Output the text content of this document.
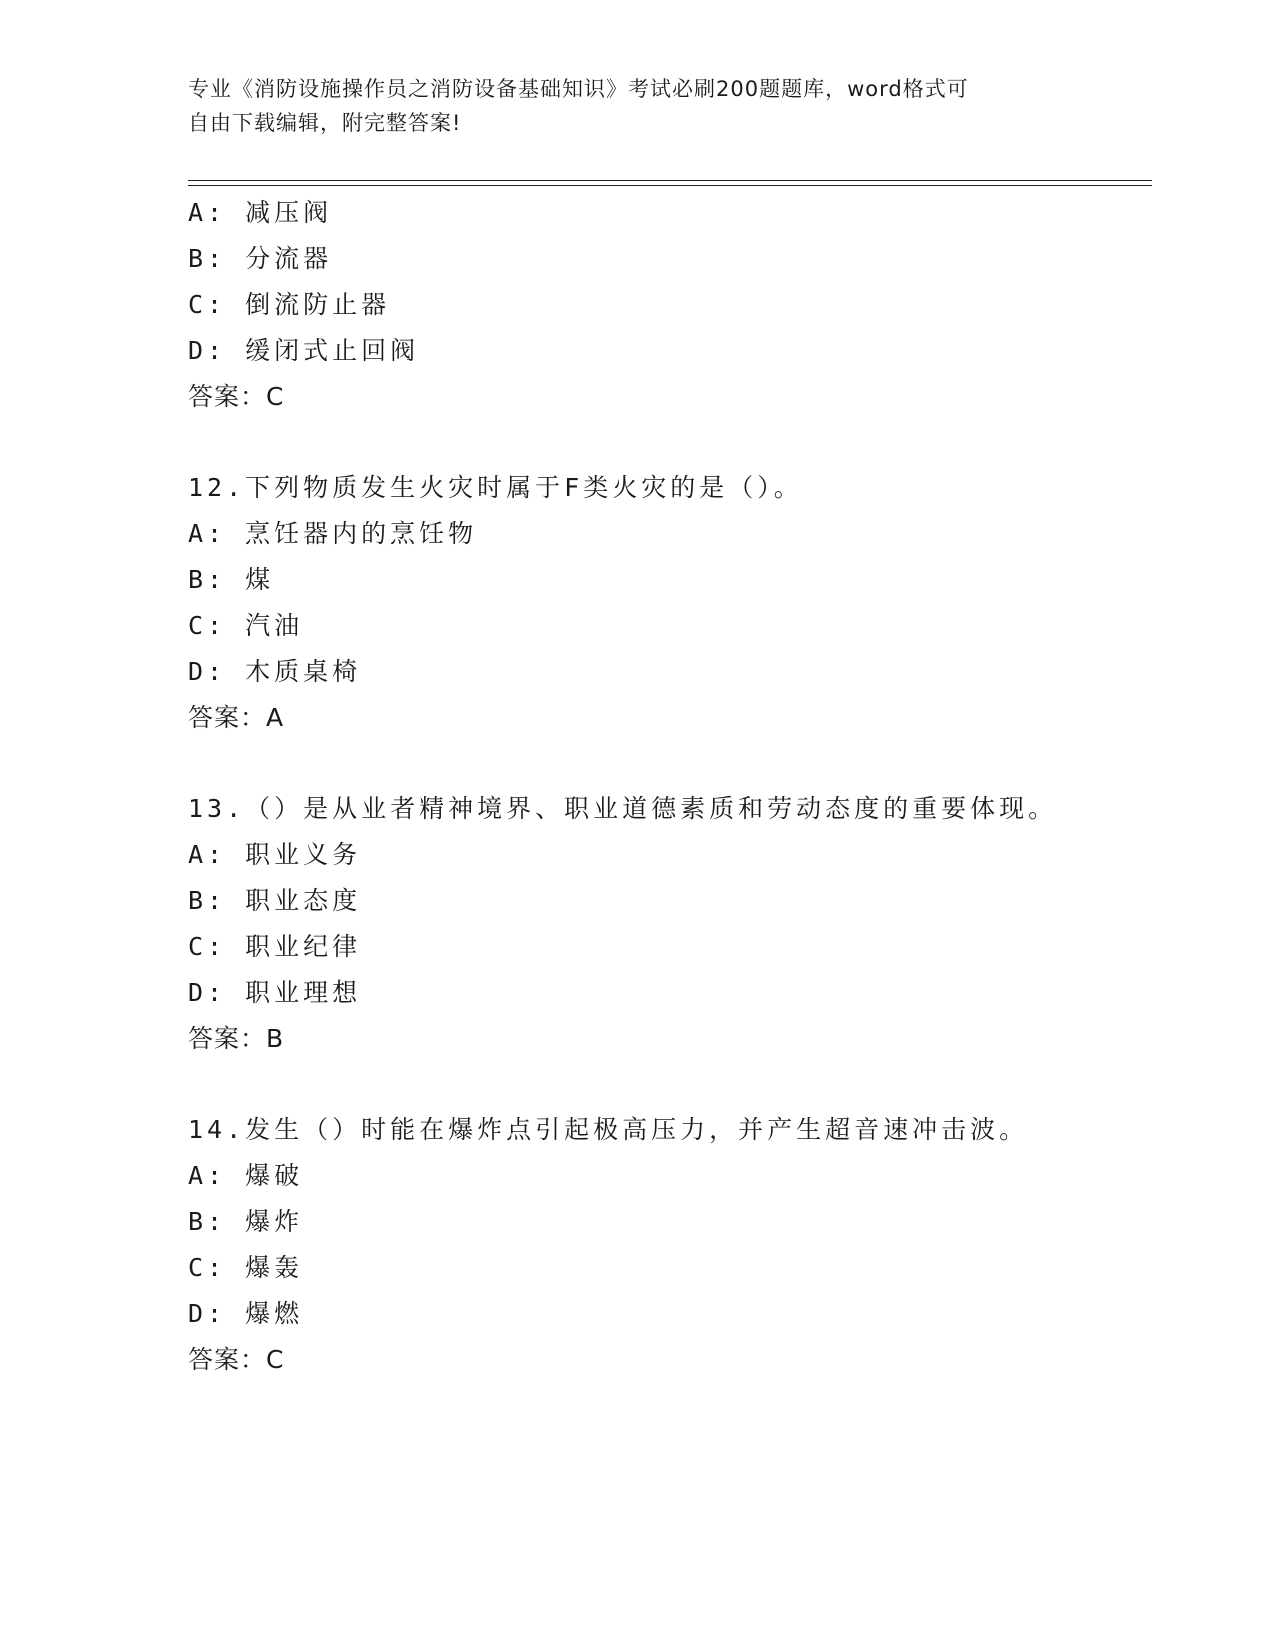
专业《消防设施操作员之消防设备基础知识》考试必刷200题题库，word格式可
自由下载编辑，附完整答案!
A: 减压阀
B: 分流器
C: 倒流防止器
D: 缓闭式止回阀
答案：C
12.下列物质发生火灾时属于F类火灾的是（）。
A: 烹饪器内的烹饪物
B: 煤
C: 汽油
D: 木质桌椅
答案：A
13.（）是从业者精神境界、职业道德素质和劳动态度的重要体现。
A: 职业义务
B: 职业态度
C: 职业纪律
D: 职业理想
答案：B
14.发生（）时能在爆炸点引起极高压力，并产生超音速冲击波。
A: 爆破
B: 爆炸
C: 爆轰
D: 爆燃
答案：C
